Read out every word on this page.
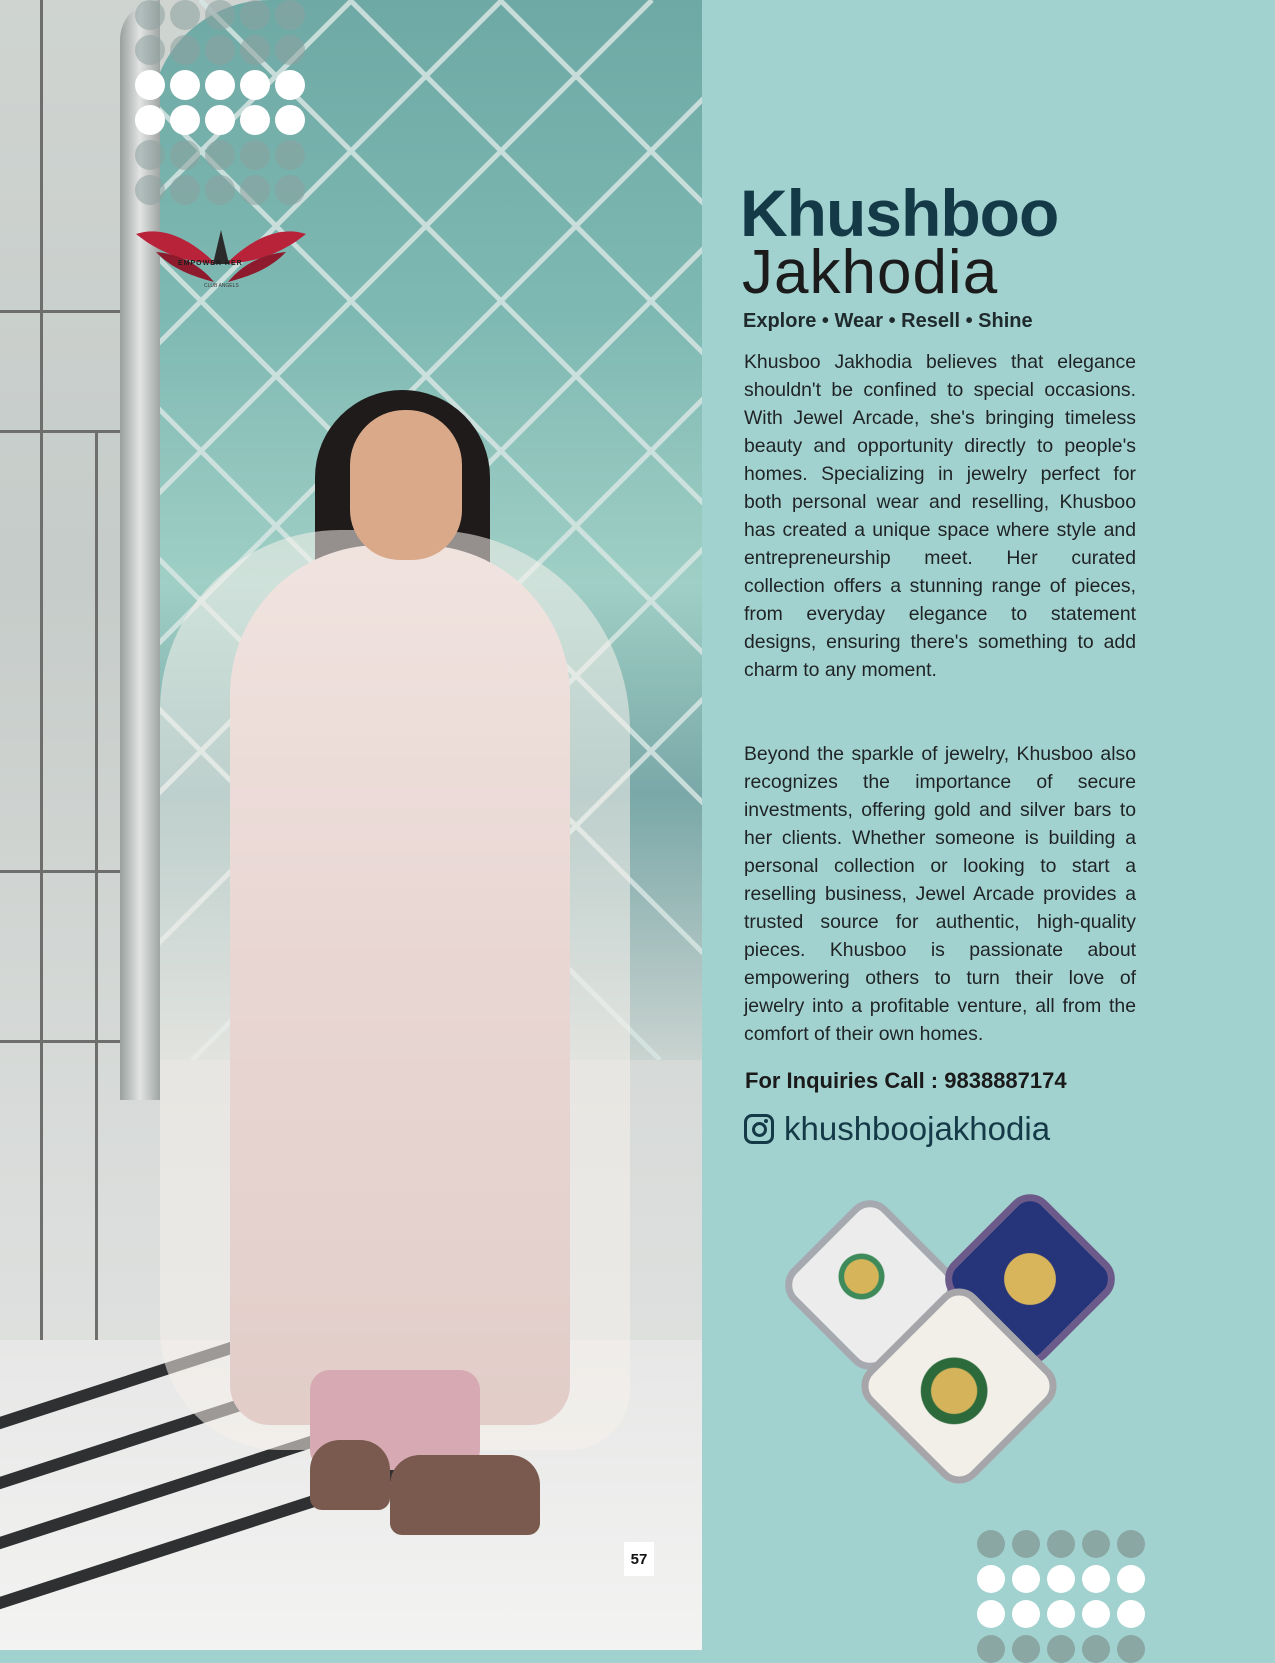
EMPOWER HER
CLUB ANGELS
57
Khushboo
Jakhodia
Explore • Wear • Resell • Shine

Khusboo Jakhodia believes that elegance shouldn't be confined to special occasions. With Jewel Arcade, she's bringing timeless beauty and opportunity directly to people's homes. Specializing in jewelry perfect for both personal wear and reselling, Khusboo has created a unique space where style and entrepreneurship meet. Her curated collection offers a stunning range of pieces, from everyday elegance to statement designs, ensuring there's something to add charm to any moment.

Beyond the sparkle of jewelry, Khusboo also recognizes the importance of secure investments, offering gold and silver bars to her clients. Whether someone is building a personal collection or looking to start a reselling business, Jewel Arcade provides a trusted source for authentic, high-quality pieces. Khusboo is passionate about empowering others to turn their love of jewelry into a profitable venture, all from the comfort of their own homes.

For Inquiries Call : 9838887174
khushboojakhodia
